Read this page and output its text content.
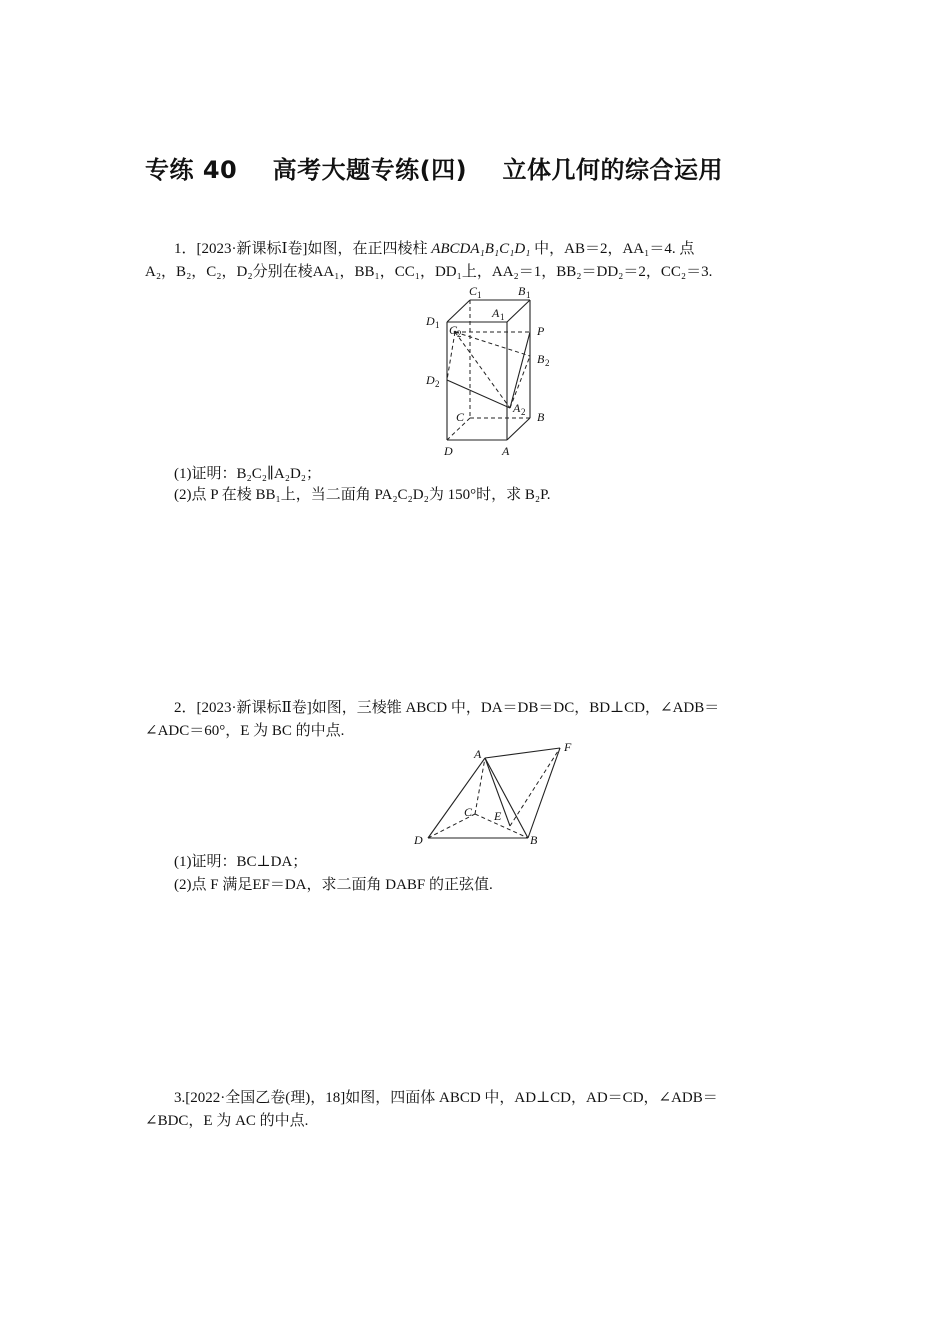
专练 40    高考大题专练(四)    立体几何的综合运用
1．[2023·新课标Ⅰ卷]如图，在正四棱柱 ABCDA₁B₁C₁D₁ 中，AB＝2，AA₁＝4. 点
A₂，B₂，C₂，D₂分别在棱AA₁，BB₁，CC₁，DD₁上，AA₂＝1，BB₂＝DD₂＝2，CC₂＝3.
C 1	B 1
D 1
A 1
C 2	P
B 2
D 2
A 2
C	B
D	A
(1)证明：B₂C₂∥A₂D₂；
(2)点 P 在棱 BB₁上，当二面角 PA₂C₂D₂为 150°时，求 B₂P.
2．[2023·新课标Ⅱ卷]如图，三棱锥 ABCD 中，DA＝DB＝DC，BD⊥CD，∠ADB＝
∠ADC＝60°，E 为 BC 的中点.
A	F
C E
D	B
(1)证明：BC⊥DA；
(2)点 F 满足EF＝DA，求二面角 DABF 的正弦值.
3.[2022·全国乙卷(理)，18]如图，四面体 ABCD 中，AD⊥CD，AD＝CD，∠ADB＝
∠BDC，E 为 AC 的中点.
